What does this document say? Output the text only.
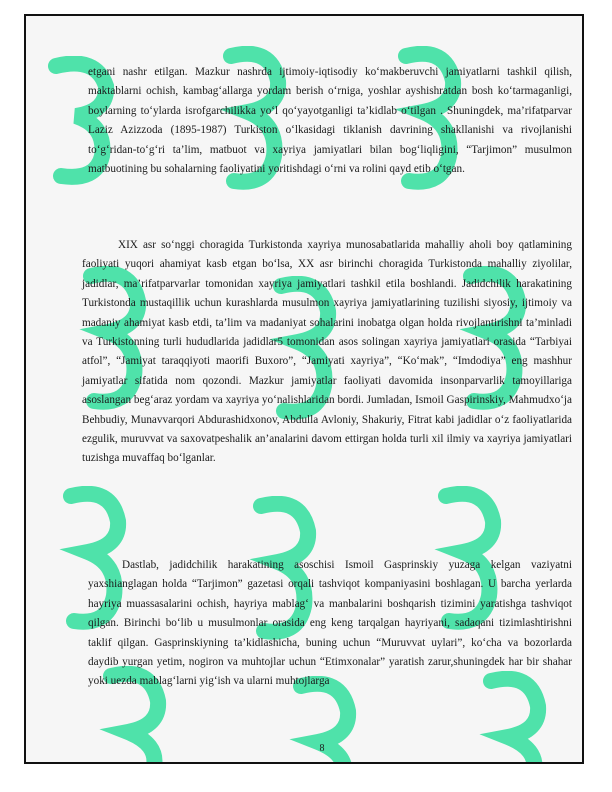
etgani nashr etilgan. Mazkur nashrda ijtimoiy-iqtisodiy ko‘makberuvchi jamiyatlarni tashkil qilish, maktablarni ochish, kambag‘allarga yordam berish o‘rniga, yoshlar ayshishratdan bosh ko‘tarmaganligi, boylarning to‘ylarda isrofgarchilikka yo‘l qo‘yayotganligi ta’kidlab o‘tilgan . Shuningdek, ma’rifatparvar Laziz Azizzoda (1895-1987) Turkiston o‘lkasidagi tiklanish davrining shakllanishi va rivojlanishi to‘g‘ridan-to‘g‘ri ta’lim, matbuot va xayriya jamiyatlari bilan bog‘liqligini, “Tarjimon” musulmon matbuotining bu sohalarning faoliyatini yoritishdagi o‘rni va rolini qayd etib o‘tgan.

XIX asr so‘nggi choragida Turkistonda xayriya munosabatlarida mahalliy aholi boy qatlamining faoliyati yuqori ahamiyat kasb etgan bo‘lsa, XX asr birinchi choragida Turkistonda mahalliy ziyolilar, jadidlar, ma’rifatparvarlar tomonidan xayriya jamiyatlari tashkil etila boshlandi. Jadidchilik harakatining Turkistonda mustaqillik uchun kurashlarda musulmon xayriya jamiyatlarining tuzilishi siyosiy, ijtimoiy va madaniy ahamiyat kasb etdi, ta’lim va madaniyat sohalarini inobatga olgan holda rivojlantirishni ta’minladi va Turkistonning turli hududlarida jadidlar5 tomonidan asos solingan xayriya jamiyatlari orasida “Tarbiyai atfol”, “Jamiyat taraqqiyoti maorifi Buxoro”, “Jamiyati xayriya”, “Ko‘mak”, “Imdodiya” eng mashhur jamiyatlar sifatida nom qozondi. Mazkur jamiyatlar faoliyati davomida insonparvarlik tamoyillariga asoslangan beg‘araz yordam va xayriya yo‘nalishlaridan bordi. Jumladan, Ismoil Gaspirinskiy, Mahmudxo‘ja Behbudiy, Munavvarqori Abdurashidxonov, Abdulla Avloniy, Shakuriy, Fitrat kabi jadidlar o‘z faoliyatlarida ezgulik, muruvvat va saxovatpeshalik an’analarini davom ettirgan holda turli xil ilmiy va xayriya jamiyatlari tuzishga muvaffaq bo‘lganlar.

Dastlab, jadidchilik harakatining asoschisi Ismoil Gasprinskiy yuzaga kelgan vaziyatni yaxshianglagan holda “Tarjimon” gazetasi orqali tashviqot kompaniyasini boshlagan. U barcha yerlarda hayriya muassasalarini ochish, hayriya mablag‘ va manbalarini boshqarish tizimini yaratishga tashviqot qilgan. Birinchi bo‘lib u musulmonlar orasida eng keng tarqalgan hayriyani, sadaqani tizimlashtirishni taklif qilgan. Gasprinskiyning ta’kidlashicha, buning uchun “Muruvvat uylari”, ko‘cha va bozorlarda daydib yurgan yetim, nogiron va muhtojlar uchun “Etimxonalar” yaratish zarur,shuningdek har bir shahar yoki uezda mablag‘larni yig‘ish va ularni muhtojlarga

8
